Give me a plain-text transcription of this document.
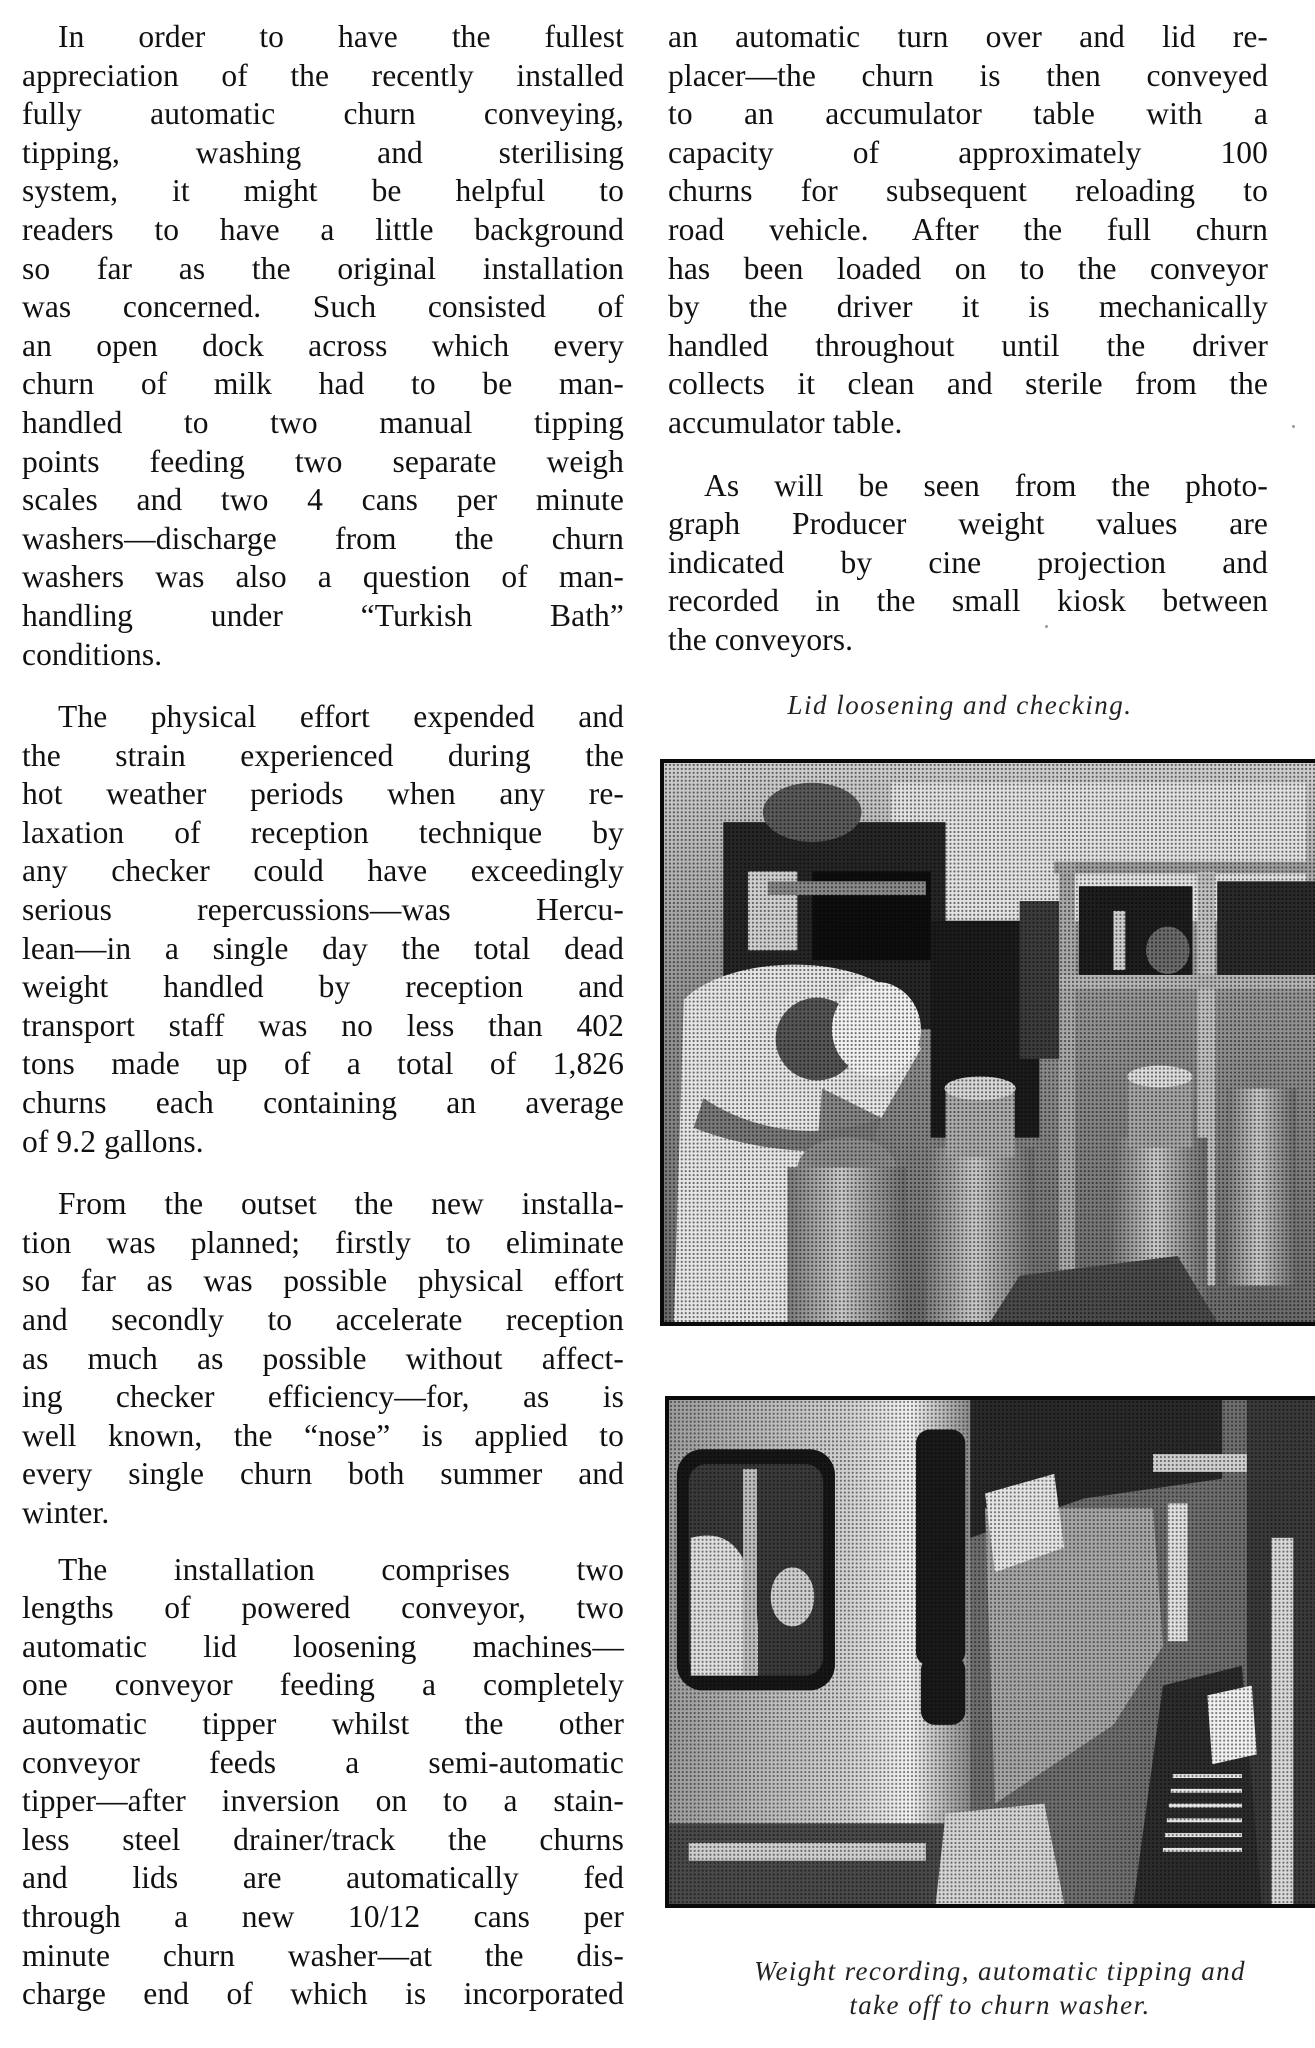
In order to have the fullest
appreciation of the recently installed
fully automatic churn conveying,
tipping, washing and sterilising
system, it might be helpful to
readers to have a little background
so far as the original installation
was concerned. Such consisted of
an open dock across which every
churn of milk had to be man-
handled to two manual tipping
points feeding two separate weigh
scales and two 4 cans per minute
washers—discharge from the churn
washers was also a question of man-
handling under “Turkish Bath”
conditions.
The physical effort expended and
the strain experienced during the
hot weather periods when any re-
laxation of reception technique by
any checker could have exceedingly
serious repercussions—was Hercu-
lean—in a single day the total dead
weight handled by reception and
transport staff was no less than 402
tons made up of a total of 1,826
churns each containing an average
of 9.2 gallons.
From the outset the new installa-
tion was planned; firstly to eliminate
so far as was possible physical effort
and secondly to accelerate reception
as much as possible without affect-
ing checker efficiency—for, as is
well known, the “nose” is applied to
every single churn both summer and
winter.
The installation comprises two
lengths of powered conveyor, two
automatic lid loosening machines—
one conveyor feeding a completely
automatic tipper whilst the other
conveyor feeds a semi-automatic
tipper—after inversion on to a stain-
less steel drainer/track the churns
and lids are automatically fed
through a new 10/12 cans per
minute churn washer—at the dis-
charge end of which is incorporated
an automatic turn over and lid re-
placer—the churn is then conveyed
to an accumulator table with a
capacity of approximately 100
churns for subsequent reloading to
road vehicle. After the full churn
has been loaded on to the conveyor
by the driver it is mechanically
handled throughout until the driver
collects it clean and sterile from the
accumulator table.
As will be seen from the photo-
graph Producer weight values are
indicated by cine projection and
recorded in the small kiosk between
the conveyors.
Lid loosening and checking.
Weight recording, automatic tipping and
take off to churn washer.
